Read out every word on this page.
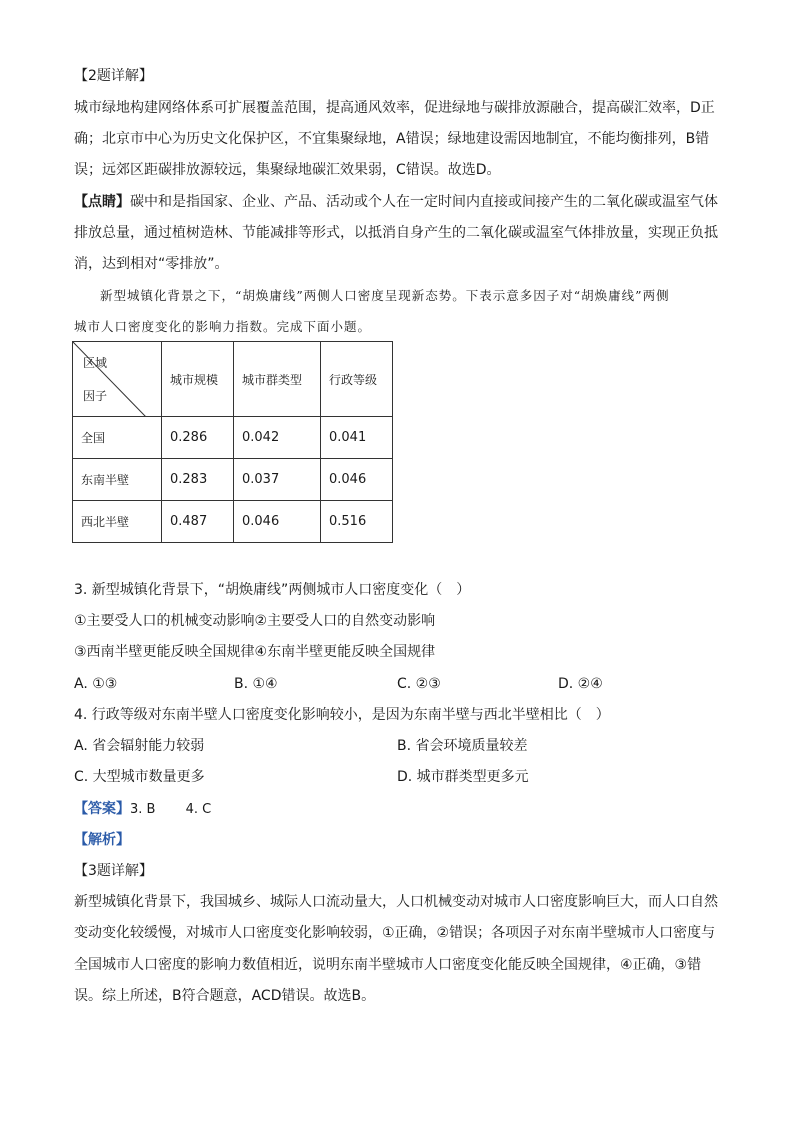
【2题详解】
城市绿地构建网络体系可扩展覆盖范围，提高通风效率，促进绿地与碳排放源融合，提高碳汇效率，D正
确；北京市中心为历史文化保护区，不宜集聚绿地，A错误；绿地建设需因地制宜，不能均衡排列，B错
误；远郊区距碳排放源较远，集聚绿地碳汇效果弱，C错误。故选D。
【点睛】碳中和是指国家、企业、产品、活动或个人在一定时间内直接或间接产生的二氧化碳或温室气体
排放总量，通过植树造林、节能减排等形式，以抵消自身产生的二氧化碳或温室气体排放量，实现正负抵
消，达到相对“零排放”。
新型城镇化背景之下，“胡焕庸线”两侧人口密度呈现新态势。下表示意多因子对“胡焕庸线”两侧
城市人口密度变化的影响力指数。完成下面小题。
区域
因子	城市规模	城市群类型	行政等级
全国	0.286	0.042	0.041
东南半壁	0.283	0.037	0.046
西北半壁	0.487	0.046	0.516
3. 新型城镇化背景下，“胡焕庸线”两侧城市人口密度变化（　）
①主要受人口的机械变动影响②主要受人口的自然变动影响
③西南半壁更能反映全国规律④东南半壁更能反映全国规律
A. ①③	B. ①④	C. ②③	D. ②④
4. 行政等级对东南半壁人口密度变化影响较小，是因为东南半壁与西北半壁相比（　）
A. 省会辐射能力较弱	B. 省会环境质量较差
C. 大型城市数量更多	D. 城市群类型更多元
【答案】3. B　　 4. C
【解析】
【3题详解】
新型城镇化背景下，我国城乡、城际人口流动量大，人口机械变动对城市人口密度影响巨大，而人口自然
变动变化较缓慢，对城市人口密度变化影响较弱，①正确，②错误；各项因子对东南半壁城市人口密度与
全国城市人口密度的影响力数值相近，说明东南半壁城市人口密度变化能反映全国规律，④正确，③错
误。综上所述，B符合题意，ACD错误。故选B。
